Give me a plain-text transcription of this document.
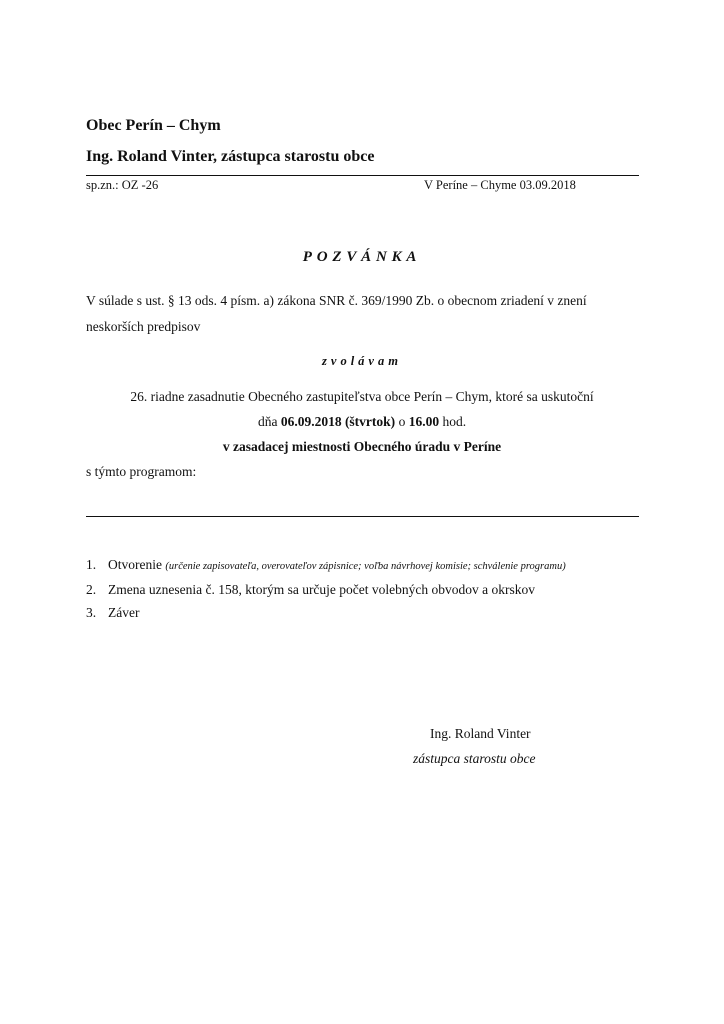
Obec Perín – Chym
Ing. Roland Vinter, zástupca starostu obce
sp.zn.: OZ -26	V Períne – Chyme 03.09.2018
POZVÁNKA
V súlade s ust. § 13 ods. 4 písm. a) zákona SNR č. 369/1990 Zb. o obecnom zriadení v znení neskorších predpisov
zvolávam
26. riadne zasadnutie Obecného zastupiteľstva obce Perín – Chym, ktoré sa uskutoční
dňa 06.09.2018 (štvrtok) o 16.00 hod.
v zasadacej miestnosti Obecného úradu v Períne
s týmto programom:
1. Otvorenie (určenie zapisovateľa, overovateľov zápisnice; voľba návrhovej komisie; schválenie programu)
2. Zmena uznesenia č. 158, ktorým sa určuje počet volebných obvodov a okrskov
3. Záver
Ing. Roland Vinter
zástupca starostu obce
